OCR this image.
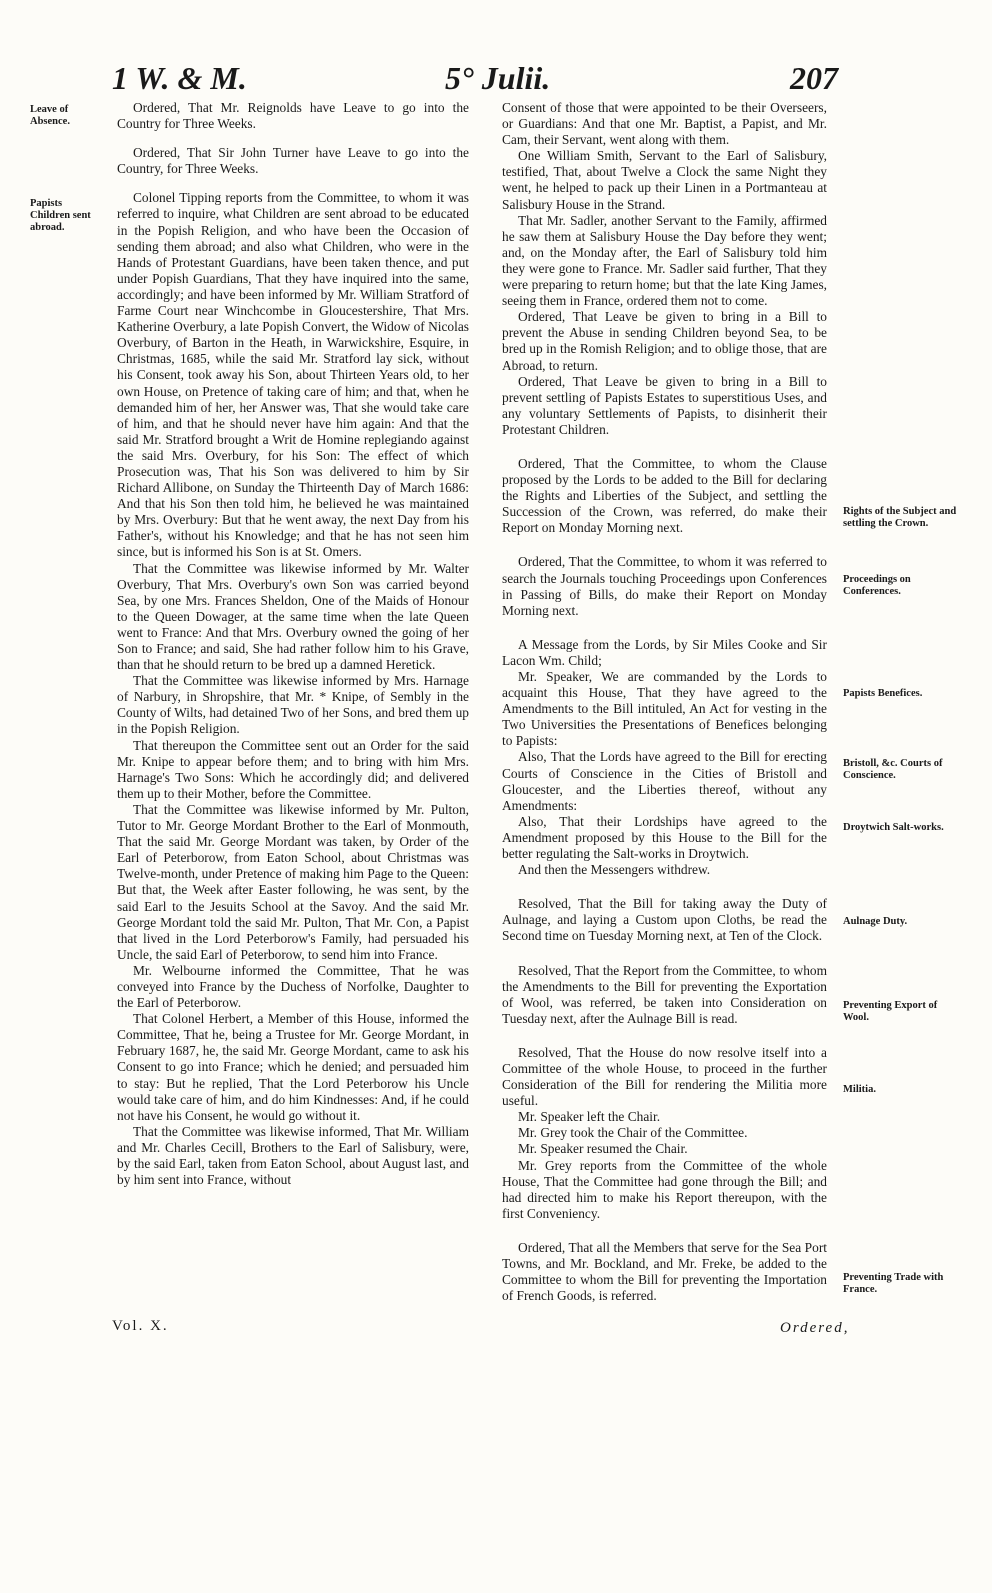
1 W. & M.	5° Julii.	207
Leave of Absence.
Papists Children sent abroad.

Ordered, That Mr. Reignolds have Leave to go into the Country for Three Weeks.

Ordered, That Sir John Turner have Leave to go into the Country, for Three Weeks.

Colonel Tipping reports from the Committee, to whom it was referred to inquire, what Children are sent abroad to be educated in the Popish Religion, and who have been the Occasion of sending them abroad; and also what Children, who were in the Hands of Protestant Guardians, have been taken thence, and put under Popish Guardians, That they have inquired into the same, accordingly; and have been informed by Mr. William Stratford of Farme Court near Winchcombe in Gloucestershire, That Mrs. Katherine Overbury, a late Popish Convert, the Widow of Nicolas Overbury, of Barton in the Heath, in Warwickshire, Esquire, in Christmas, 1685, while the said Mr. Stratford lay sick, without his Consent, took away his Son, about Thirteen Years old, to her own House, on Pretence of taking care of him; and that, when he demanded him of her, her Answer was, That she would take care of him, and that he should never have him again: And that the said Mr. Stratford brought a Writ de Homine replegiando against the said Mrs. Overbury, for his Son: The effect of which Prosecution was, That his Son was delivered to him by Sir Richard Allibone, on Sunday the Thirteenth Day of March 1686: And that his Son then told him, he believed he was maintained by Mrs. Overbury: But that he went away, the next Day from his Father's, without his Knowledge; and that he has not seen him since, but is informed his Son is at St. Omers.

That the Committee was likewise informed by Mr. Walter Overbury, That Mrs. Overbury's own Son was carried beyond Sea, by one Mrs. Frances Sheldon, One of the Maids of Honour to the Queen Dowager, at the same time when the late Queen went to France: And that Mrs. Overbury owned the going of her Son to France; and said, She had rather follow him to his Grave, than that he should return to be bred up a damned Heretick.

That the Committee was likewise informed by Mrs. Harnage of Narbury, in Shropshire, that Mr. * Knipe, of Sembly in the County of Wilts, had detained Two of her Sons, and bred them up in the Popish Religion.

That thereupon the Committee sent out an Order for the said Mr. Knipe to appear before them; and to bring with him Mrs. Harnage's Two Sons: Which he accordingly did; and delivered them up to their Mother, before the Committee.

That the Committee was likewise informed by Mr. Pulton, Tutor to Mr. George Mordant Brother to the Earl of Monmouth, That the said Mr. George Mordant was taken, by Order of the Earl of Peterborow, from Eaton School, about Christmas was Twelve-month, under Pretence of making him Page to the Queen: But that, the Week after Easter following, he was sent, by the said Earl to the Jesuits School at the Savoy. And the said Mr. George Mordant told the said Mr. Pulton, That Mr. Con, a Papist that lived in the Lord Peterborow's Family, had persuaded his Uncle, the said Earl of Peterborow, to send him into France.

Mr. Welbourne informed the Committee, That he was conveyed into France by the Duchess of Norfolke, Daughter to the Earl of Peterborow.

That Colonel Herbert, a Member of this House, informed the Committee, That he, being a Trustee for Mr. George Mordant, in February 1687, he, the said Mr. George Mordant, came to ask his Consent to go into France; which he denied; and persuaded him to stay: But he replied, That the Lord Peterborow his Uncle would take care of him, and do him Kindnesses: And, if he could not have his Consent, he would go without it.

That the Committee was likewise informed, That Mr. William and Mr. Charles Cecill, Brothers to the Earl of Salisbury, were, by the said Earl, taken from Eaton School, about August last, and by him sent into France, without

Consent of those that were appointed to be their Overseers, or Guardians: And that one Mr. Baptist, a Papist, and Mr. Cam, their Servant, went along with them.

One William Smith, Servant to the Earl of Salisbury, testified, That, about Twelve a Clock the same Night they went, he helped to pack up their Linen in a Portmanteau at Salisbury House in the Strand.

That Mr. Sadler, another Servant to the Family, affirmed he saw them at Salisbury House the Day before they went; and, on the Monday after, the Earl of Salisbury told him they were gone to France. Mr. Sadler said further, That they were preparing to return home; but that the late King James, seeing them in France, ordered them not to come.

Ordered, That Leave be given to bring in a Bill to prevent the Abuse in sending Children beyond Sea, to be bred up in the Romish Religion; and to oblige those, that are Abroad, to return.

Ordered, That Leave be given to bring in a Bill to prevent settling of Papists Estates to superstitious Uses, and any voluntary Settlements of Papists, to disinherit their Protestant Children.

Ordered, That the Committee, to whom the Clause proposed by the Lords to be added to the Bill for declaring the Rights and Liberties of the Subject, and settling the Succession of the Crown, was referred, do make their Report on Monday Morning next.

Ordered, That the Committee, to whom it was referred to search the Journals touching Proceedings upon Conferences in Passing of Bills, do make their Report on Monday Morning next.

A Message from the Lords, by Sir Miles Cooke and Sir Lacon Wm. Child;

Mr. Speaker, We are commanded by the Lords to acquaint this House, That they have agreed to the Amendments to the Bill intituled, An Act for vesting in the Two Universities the Presentations of Benefices belonging to Papists:

Also, That the Lords have agreed to the Bill for erecting Courts of Conscience in the Cities of Bristoll and Gloucester, and the Liberties thereof, without any Amendments:

Also, That their Lordships have agreed to the Amendment proposed by this House to the Bill for the better regulating the Salt-works in Droytwich.

And then the Messengers withdrew.

Resolved, That the Bill for taking away the Duty of Aulnage, and laying a Custom upon Cloths, be read the Second time on Tuesday Morning next, at Ten of the Clock.

Resolved, That the Report from the Committee, to whom the Amendments to the Bill for preventing the Exportation of Wool, was referred, be taken into Consideration on Tuesday next, after the Aulnage Bill is read.

Resolved, That the House do now resolve itself into a Committee of the whole House, to proceed in the further Consideration of the Bill for rendering the Militia more useful.

Mr. Speaker left the Chair.

Mr. Grey took the Chair of the Committee.

Mr. Speaker resumed the Chair.

Mr. Grey reports from the Committee of the whole House, That the Committee had gone through the Bill; and had directed him to make his Report thereupon, with the first Conveniency.

Ordered, That all the Members that serve for the Sea Port Towns, and Mr. Bockland, and Mr. Freke, be added to the Committee to whom the Bill for preventing the Importation of French Goods, is referred.

Rights of the Subject and settling the Crown.
Proceedings on Conferences.
Papists Benefices.
Bristoll, &c. Courts of Conscience.
Droytwich Salt-works.
Aulnage Duty.
Preventing Export of Wool.
Militia.
Preventing Trade with France.
Vol. X.	Ordered,
